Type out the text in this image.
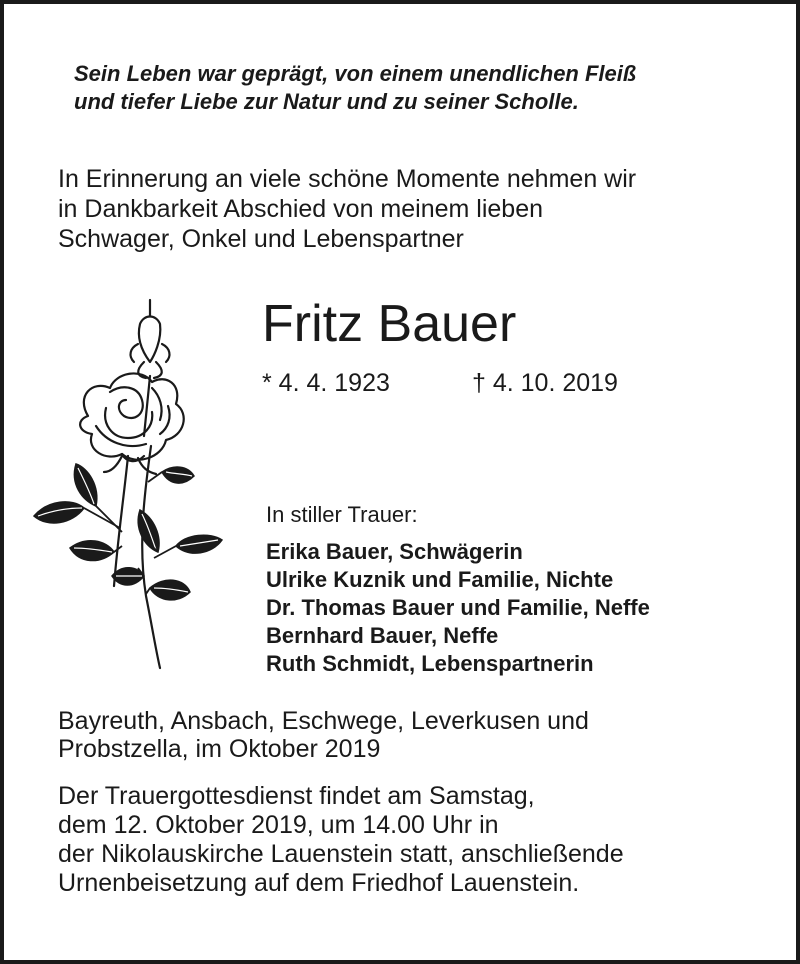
Sein Leben war geprägt, von einem unendlichen Fleiß
und tiefer Liebe zur Natur und zu seiner Scholle.
In Erinnerung an viele schöne Momente nehmen wir
in Dankbarkeit Abschied von meinem lieben
Schwager, Onkel und Lebenspartner
Fritz Bauer
* 4. 4. 1923	† 4. 10. 2019
In stiller Trauer:
Erika Bauer, Schwägerin
Ulrike Kuznik und Familie, Nichte
Dr. Thomas Bauer und Familie, Neffe
Bernhard Bauer, Neffe
Ruth Schmidt, Lebenspartnerin
Bayreuth, Ansbach, Eschwege, Leverkusen und
Probstzella, im Oktober 2019
Der Trauergottesdienst findet am Samstag,
dem 12. Oktober 2019, um 14.00 Uhr in
der Nikolauskirche Lauenstein statt, anschließende
Urnenbeisetzung auf dem Friedhof Lauenstein.
